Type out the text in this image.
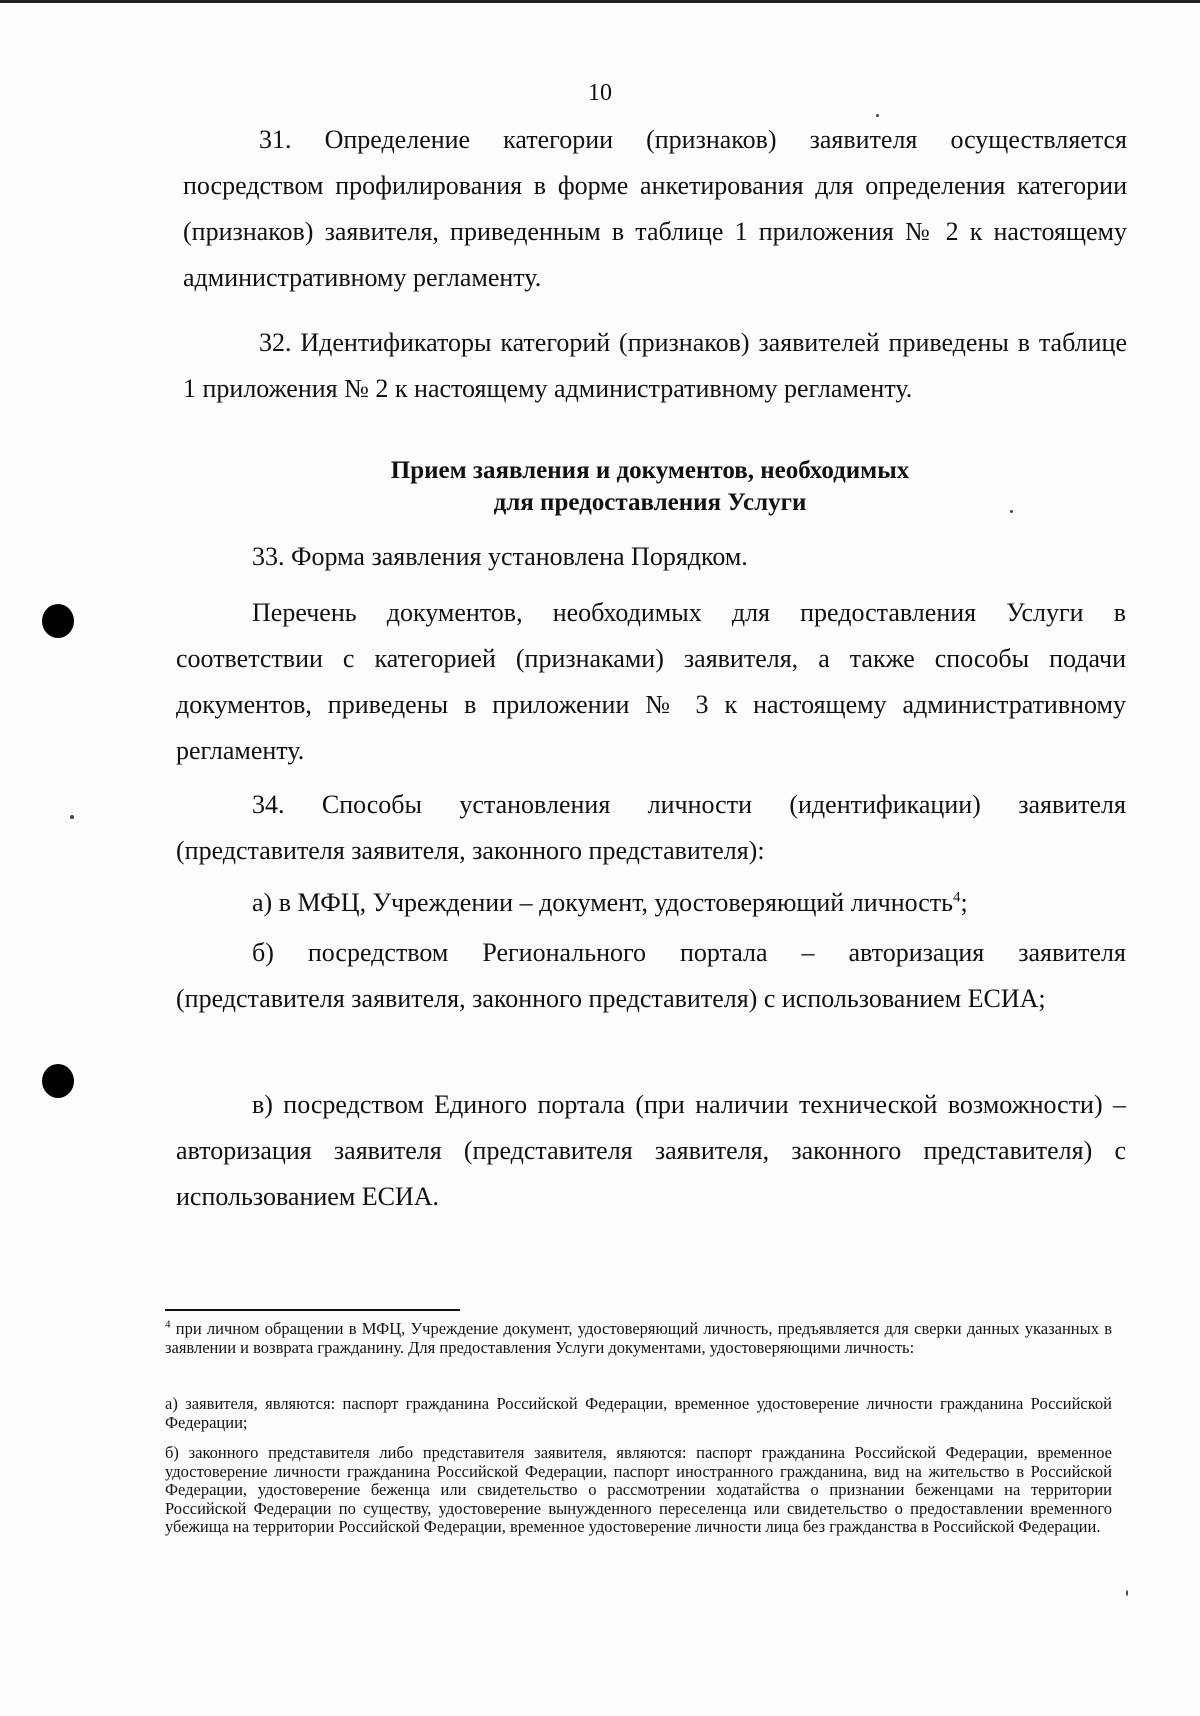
10

31. Определение категории (признаков) заявителя осуществляется посредством профилирования в форме анкетирования для определения категории (признаков) заявителя, приведенным в таблице 1 приложения № 2 к настоящему административному регламенту.

32. Идентификаторы категорий (признаков) заявителей приведены в таблице 1 приложения № 2 к настоящему административному регламенту.

Прием заявления и документов, необходимых
для предоставления Услуги

33. Форма заявления установлена Порядком.

Перечень документов, необходимых для предоставления Услуги в соответствии с категорией (признаками) заявителя, а также способы подачи документов, приведены в приложении № 3 к настоящему административному регламенту.

34. Способы установления личности (идентификации) заявителя (представителя заявителя, законного представителя):

а) в МФЦ, Учреждении – документ, удостоверяющий личность$^4$;

б) посредством Регионального портала – авторизация заявителя (представителя заявителя, законного представителя) с использованием ЕСИА;

в) посредством Единого портала (при наличии технической возможности) – авторизация заявителя (представителя заявителя, законного представителя) с использованием ЕСИА.

$^4$ при личном обращении в МФЦ, Учреждение документ, удостоверяющий личность, предъявляется для сверки данных указанных в заявлении и возврата гражданину. Для предоставления Услуги документами, удостоверяющими личность:

а) заявителя, являются: паспорт гражданина Российской Федерации, временное удостоверение личности гражданина Российской Федерации;

б) законного представителя либо представителя заявителя, являются: паспорт гражданина Российской Федерации, временное удостоверение личности гражданина Российской Федерации, паспорт иностранного гражданина, вид на жительство в Российской Федерации, удостоверение беженца или свидетельство о рассмотрении ходатайства о признании беженцами на территории Российской Федерации по существу, удостоверение вынужденного переселенца или свидетельство о предоставлении временного убежища на территории Российской Федерации, временное удостоверение личности лица без гражданства в Российской Федерации.
